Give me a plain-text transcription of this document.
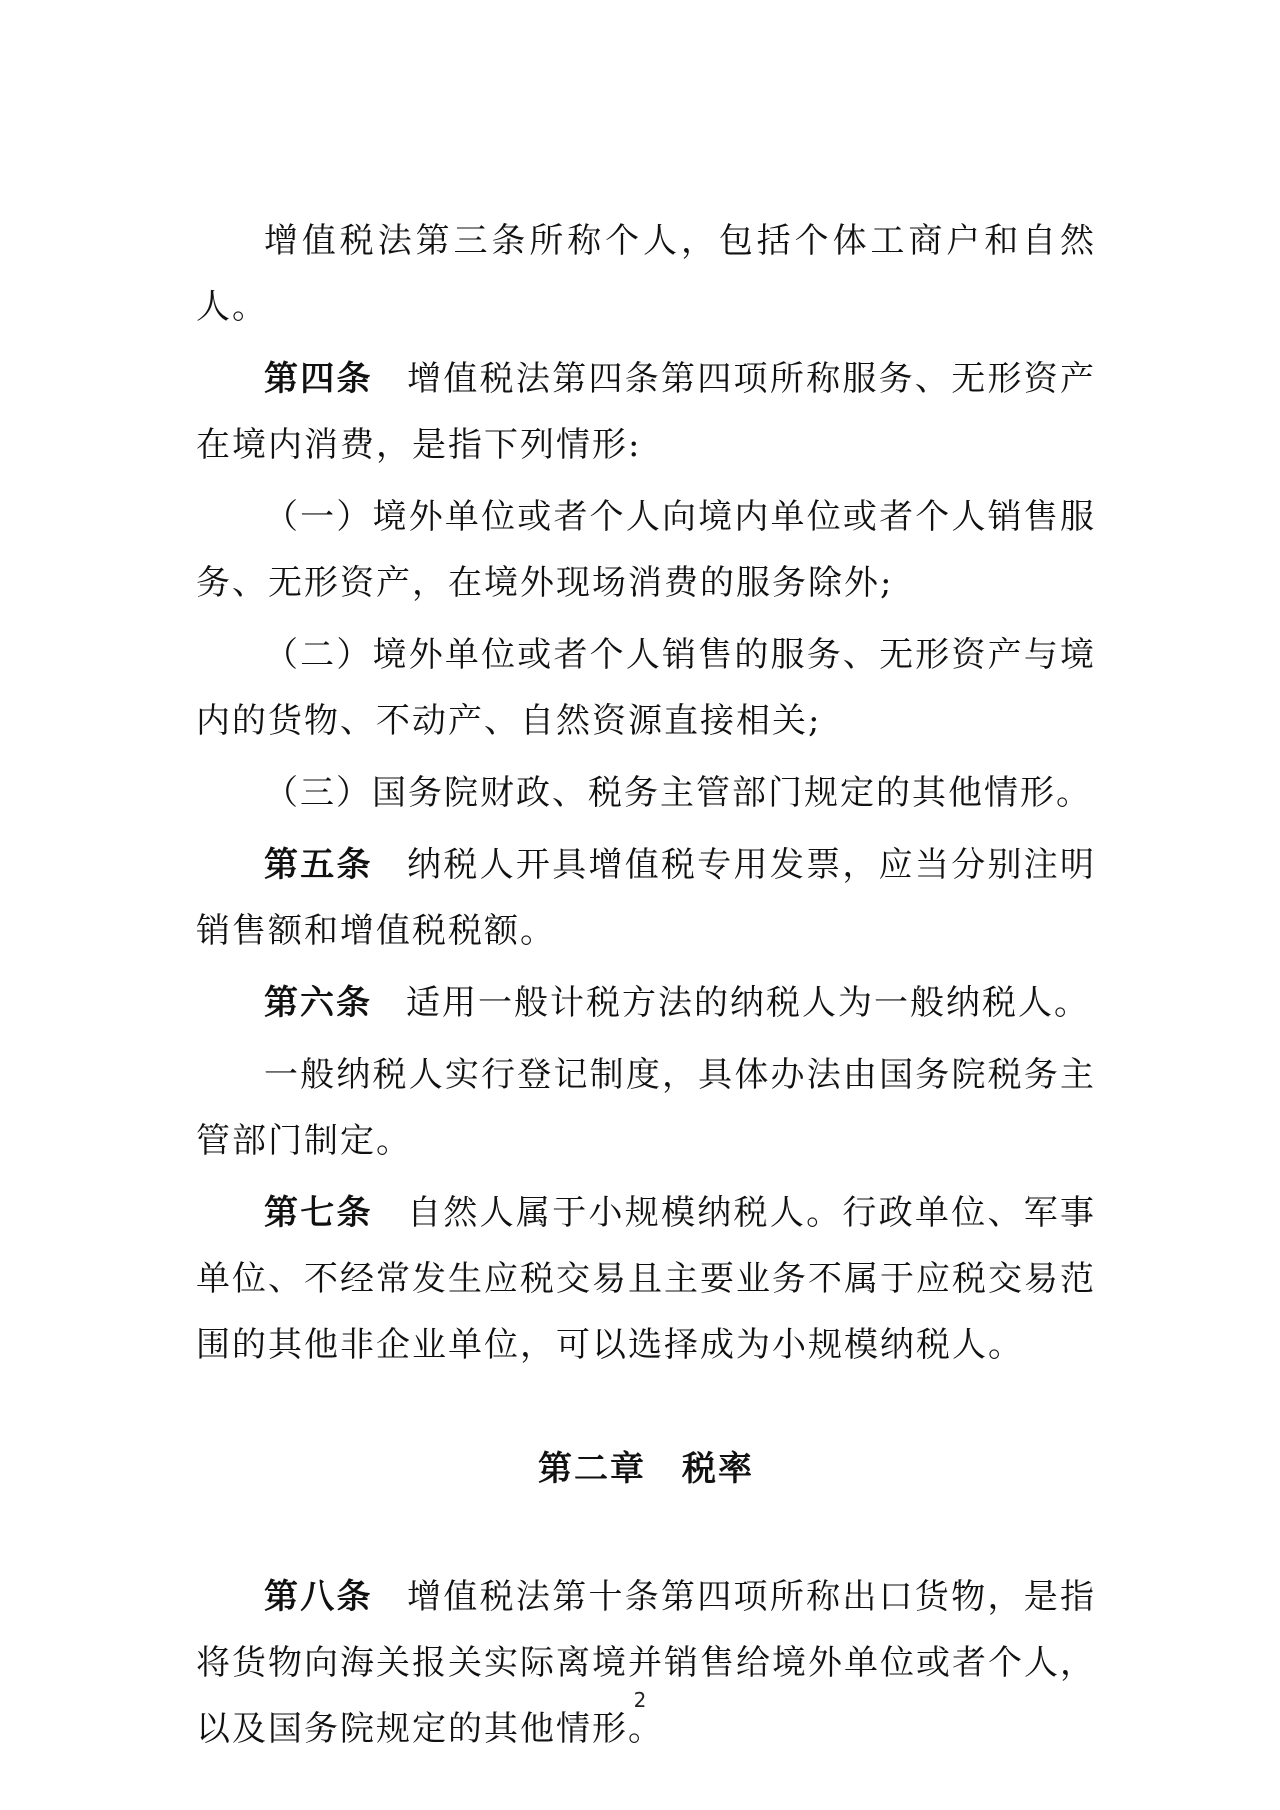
增值税法第三条所称个人，包括个体工商户和自然人。

第四条 增值税法第四条第四项所称服务、无形资产在境内消费，是指下列情形:

（一）境外单位或者个人向境内单位或者个人销售服务、无形资产，在境外现场消费的服务除外;

（二）境外单位或者个人销售的服务、无形资产与境内的货物、不动产、自然资源直接相关;

（三）国务院财政、税务主管部门规定的其他情形。

第五条 纳税人开具增值税专用发票，应当分别注明销售额和增值税税额。

第六条 适用一般计税方法的纳税人为一般纳税人。

一般纳税人实行登记制度，具体办法由国务院税务主管部门制定。

第七条 自然人属于小规模纳税人。行政单位、军事单位、不经常发生应税交易且主要业务不属于应税交易范围的其他非企业单位，可以选择成为小规模纳税人。

第二章　税率

第八条 增值税法第十条第四项所称出口货物，是指将货物向海关报关实际离境并销售给境外单位或者个人，以及国务院规定的其他情形。

2
